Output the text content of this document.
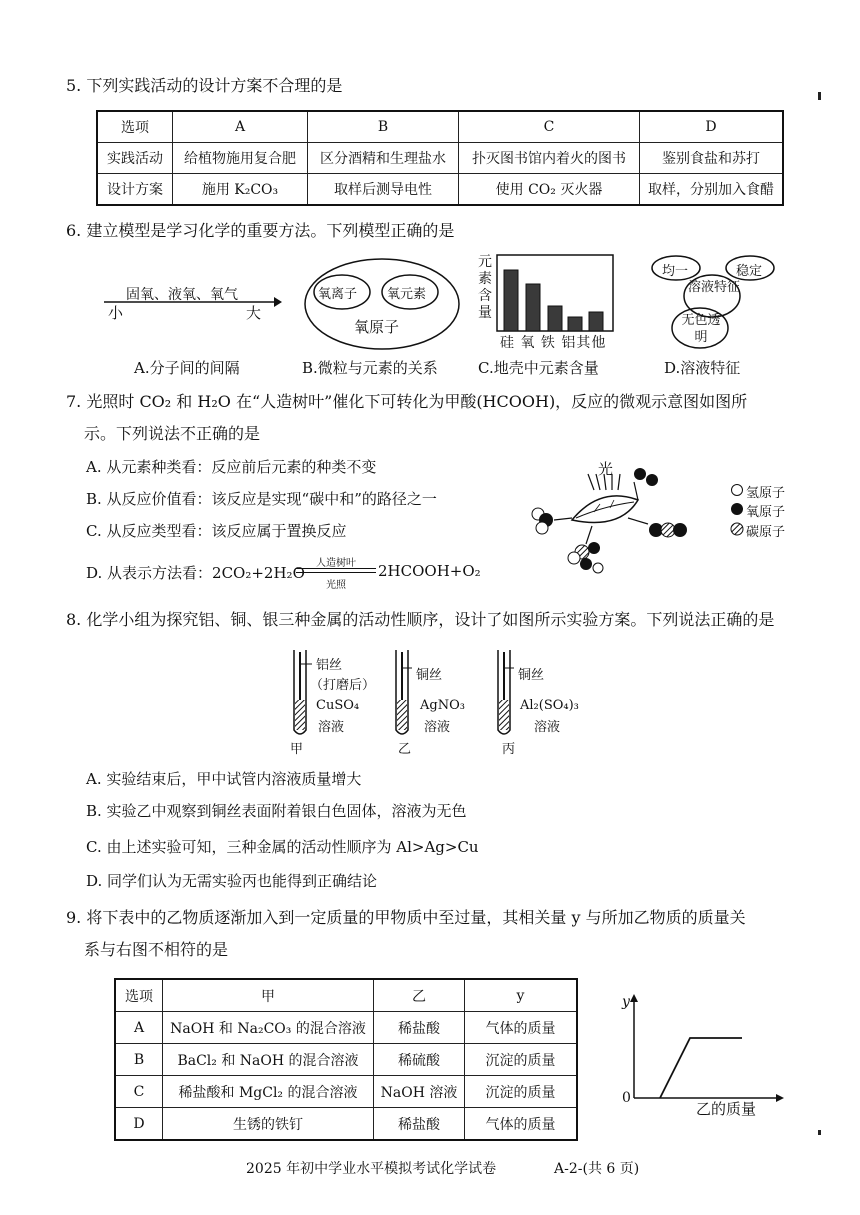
5. 下列实践活动的设计方案不合理的是
选项	A	B	C	D
实践活动	给植物施用复合肥	区分酒精和生理盐水	扑灭图书馆内着火的图书	鉴别食盐和苏打
设计方案	施用 K₂CO₃	取样后测导电性	使用 CO₂ 灭火器	取样，分别加入食醋
6. 建立模型是学习化学的重要方法。下列模型正确的是
固氧、液氧、氧气
小	大
A.分子间的间隔
氧离子 氧元素
氧原子
B.微粒与元素的关系
元素含量
硅 氧 铁 铝其他
C.地壳中元素含量
均一	稳定
溶液特征
无色透明
D.溶液特征
7. 光照时 CO₂ 和 H₂O 在“人造树叶”催化下可转化为甲酸(HCOOH)，反应的微观示意图如图所
示。下列说法不正确的是
A. 从元素种类看：反应前后元素的种类不变
B. 从反应价值看：该反应是实现“碳中和”的路径之一
C. 从反应类型看：该反应属于置换反应
D. 从表示方法看：2CO₂+2H₂O
人造树叶
光照
2HCOOH+O₂
光
氢原子
氧原子
碳原子
8. 化学小组为探究铝、铜、银三种金属的活动性顺序，设计了如图所示实验方案。下列说法正确的是
铝丝
（打磨后）
CuSO₄
溶液
甲
铜丝
AgNO₃
溶液
乙
铜丝
Al₂(SO₄)₃
溶液
丙
A. 实验结束后，甲中试管内溶液质量增大
B. 实验乙中观察到铜丝表面附着银白色固体，溶液为无色
C. 由上述实验可知，三种金属的活动性顺序为 Al>Ag>Cu
D. 同学们认为无需实验丙也能得到正确结论
9. 将下表中的乙物质逐渐加入到一定质量的甲物质中至过量，其相关量 y 与所加乙物质的质量关
系与右图不相符的是
选项	甲	乙	y
A	NaOH 和 Na₂CO₃ 的混合溶液	稀盐酸	气体的质量
B	BaCl₂ 和 NaOH 的混合溶液	稀硫酸	沉淀的质量
C	稀盐酸和 MgCl₂ 的混合溶液	NaOH 溶液	沉淀的质量
D	生锈的铁钉	稀盐酸	气体的质量
y
0
乙的质量
2025 年初中学业水平模拟考试化学试卷	A-2-(共 6 页)
